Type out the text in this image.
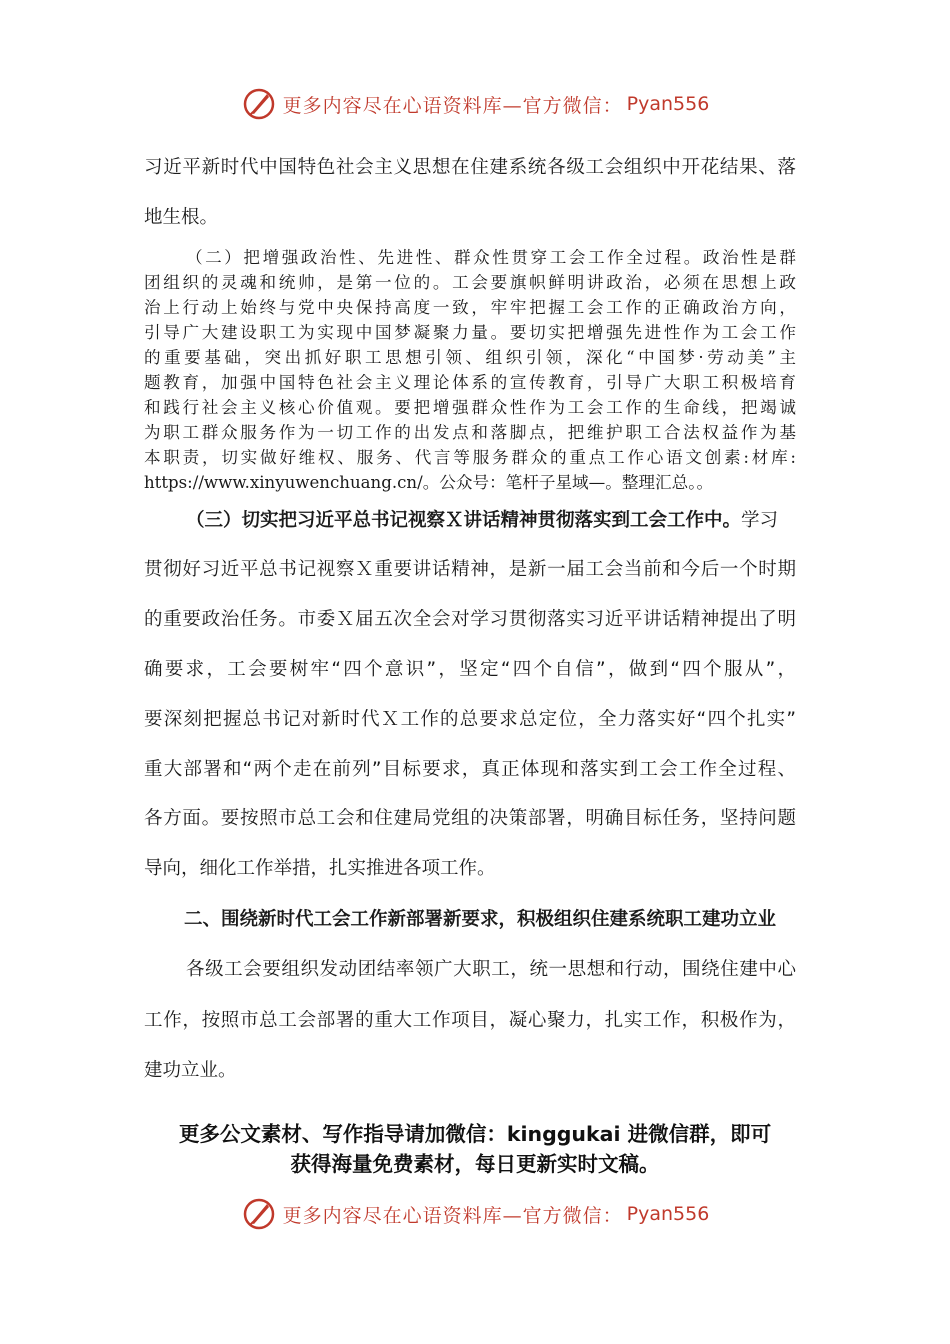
更多内容尽在心语资料库—官方微信： Pyan556
习近平新时代中国特色社会主义思想在住建系统各级工会组织中开花结果、落
地生根。
（二）把增强政治性、先进性、群众性贯穿工会工作全过程。政治性是群
团组织的灵魂和统帅，是第一位的。工会要旗帜鲜明讲政治，必须在思想上政
治上行动上始终与党中央保持高度一致，牢牢把握工会工作的正确政治方向，
引导广大建设职工为实现中国梦凝聚力量。要切实把增强先进性作为工会工作
的重要基础，突出抓好职工思想引领、组织引领，深化“中国梦·劳动美”主
题教育，加强中国特色社会主义理论体系的宣传教育，引导广大职工积极培育
和践行社会主义核心价值观。要把增强群众性作为工会工作的生命线，把竭诚
为职工群众服务作为一切工作的出发点和落脚点，把维护职工合法权益作为基
本职责，切实做好维权、服务、代言等服务群众的重点工作心语文创素:材库:
https://www.xinyuwenchuang.cn/。公众号：笔杆子星域—。整理汇总。。
（三）切实把习近平总书记视察Ｘ讲话精神贯彻落实到工会工作中。学习
贯彻好习近平总书记视察Ｘ重要讲话精神，是新一届工会当前和今后一个时期
的重要政治任务。市委Ｘ届五次全会对学习贯彻落实习近平讲话精神提出了明
确要求，工会要树牢“四个意识”，坚定“四个自信”，做到“四个服从”，
要深刻把握总书记对新时代Ｘ工作的总要求总定位，全力落实好“四个扎实”
重大部署和“两个走在前列”目标要求，真正体现和落实到工会工作全过程、
各方面。要按照市总工会和住建局党组的决策部署，明确目标任务，坚持问题
导向，细化工作举措，扎实推进各项工作。
二、围绕新时代工会工作新部署新要求，积极组织住建系统职工建功立业
各级工会要组织发动团结率领广大职工，统一思想和行动，围绕住建中心
工作，按照市总工会部署的重大工作项目，凝心聚力，扎实工作，积极作为，
建功立业。
更多公文素材、写作指导请加微信：kinggukai 进微信群，即可
获得海量免费素材，每日更新实时文稿。
更多内容尽在心语资料库—官方微信： Pyan556
